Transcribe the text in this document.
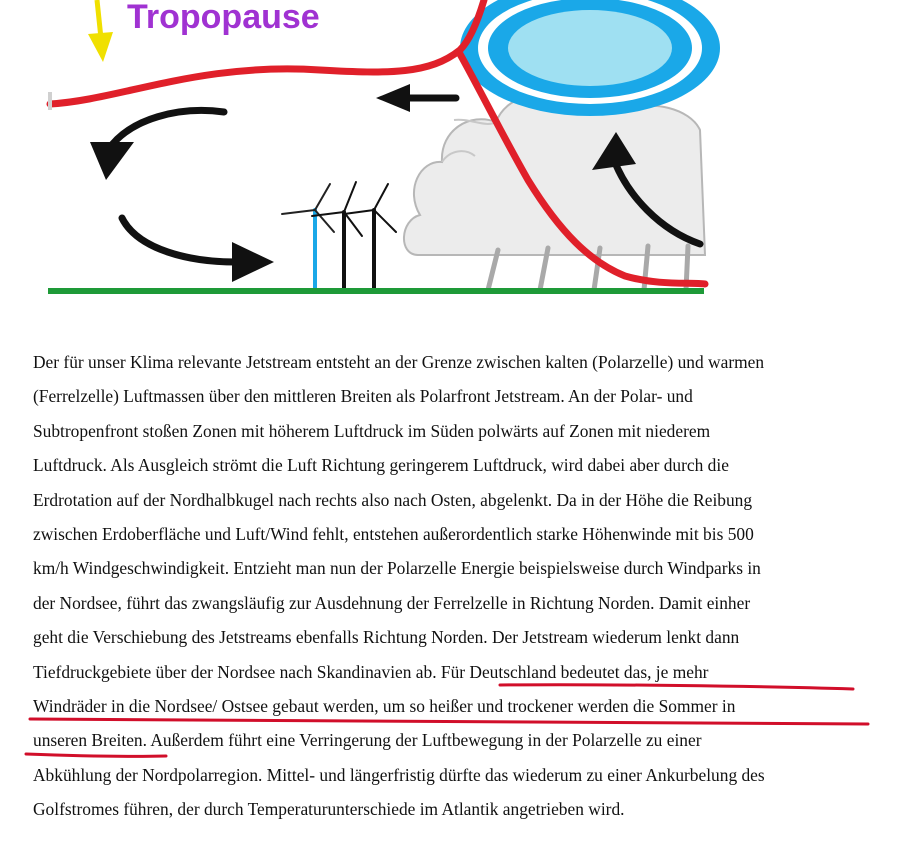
Tropopause

Der für unser Klima relevante Jetstream entsteht an der Grenze zwischen kalten (Polarzelle) und warmen
(Ferrelzelle) Luftmassen über den mittleren Breiten als Polarfront Jetstream. An der Polar- und
Subtropenfront stoßen Zonen mit höherem Luftdruck im Süden polwärts auf Zonen mit niederem
Luftdruck. Als Ausgleich strömt die Luft Richtung geringerem Luftdruck, wird dabei aber durch die
Erdrotation auf der Nordhalbkugel nach rechts also nach Osten, abgelenkt. Da in der Höhe die Reibung
zwischen Erdoberfläche und Luft/Wind fehlt, entstehen außerordentlich starke Höhenwinde mit bis 500
km/h Windgeschwindigkeit. Entzieht man nun der Polarzelle Energie beispielsweise durch Windparks in
der Nordsee, führt das zwangsläufig zur Ausdehnung der Ferrelzelle in Richtung Norden. Damit einher
geht die Verschiebung des Jetstreams ebenfalls Richtung Norden. Der Jetstream wiederum lenkt dann
Tiefdruckgebiete über der Nordsee nach Skandinavien ab. Für Deutschland bedeutet das, je mehr
Windräder in die Nordsee/ Ostsee gebaut werden, um so heißer und trockener werden die Sommer in
unseren Breiten. Außerdem führt eine Verringerung der Luftbewegung in der Polarzelle zu einer
Abkühlung der Nordpolarregion. Mittel- und längerfristig dürfte das wiederum zu einer Ankurbelung des
Golfstromes führen, der durch Temperaturunterschiede im Atlantik angetrieben wird.
